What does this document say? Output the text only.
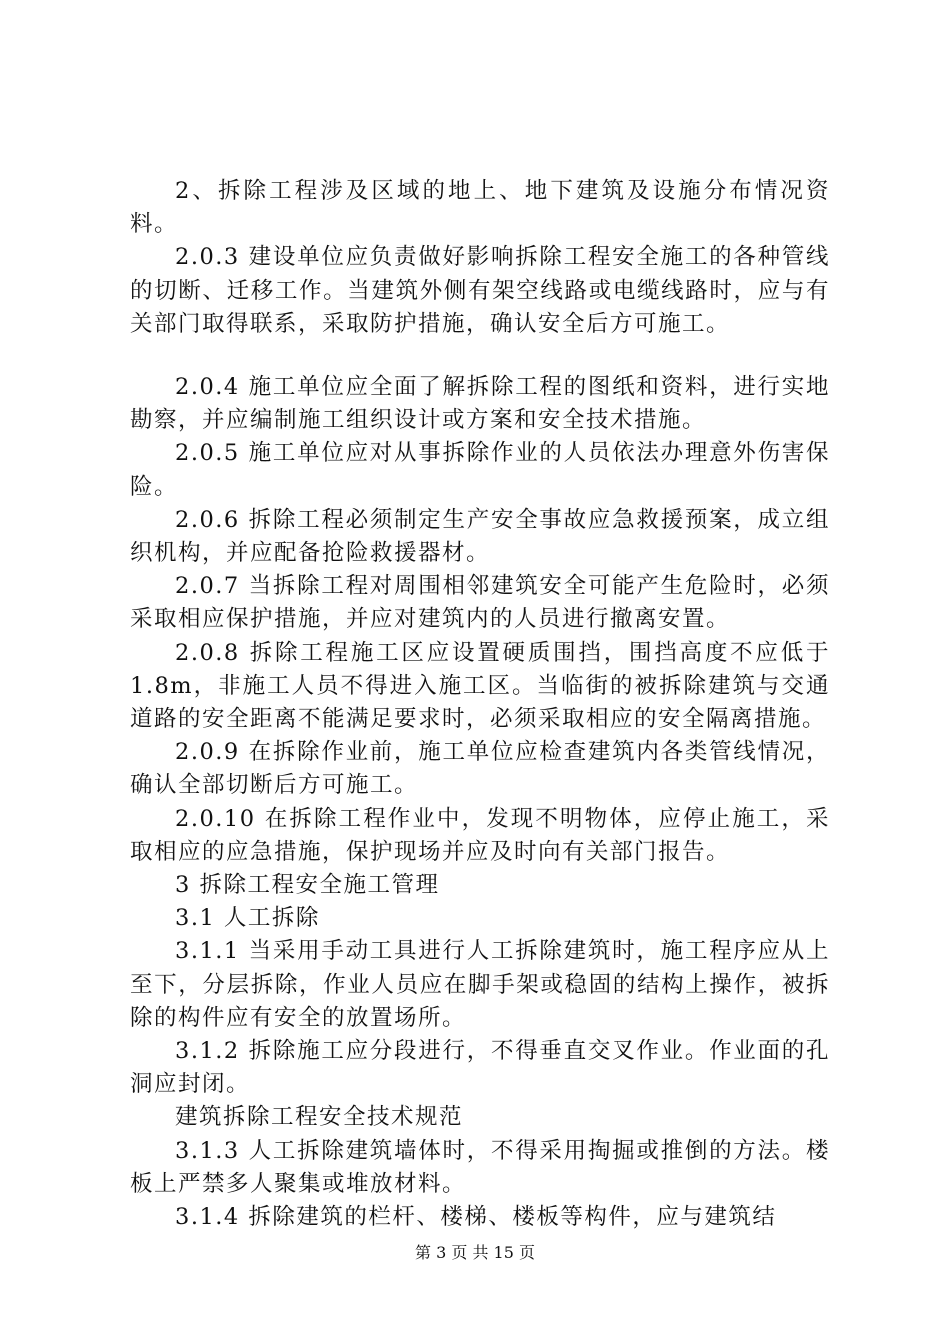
2、拆除工程涉及区域的地上、地下建筑及设施分布情况资料。

2.0.3 建设单位应负责做好影响拆除工程安全施工的各种管线的切断、迁移工作。当建筑外侧有架空线路或电缆线路时，应与有关部门取得联系，采取防护措施，确认安全后方可施工。

2.0.4 施工单位应全面了解拆除工程的图纸和资料，进行实地勘察，并应编制施工组织设计或方案和安全技术措施。

2.0.5 施工单位应对从事拆除作业的人员依法办理意外伤害保险。

2.0.6 拆除工程必须制定生产安全事故应急救援预案，成立组织机构，并应配备抢险救援器材。

2.0.7 当拆除工程对周围相邻建筑安全可能产生危险时，必须采取相应保护措施，并应对建筑内的人员进行撤离安置。

2.0.8 拆除工程施工区应设置硬质围挡，围挡高度不应低于 1.8m，非施工人员不得进入施工区。当临街的被拆除建筑与交通道路的安全距离不能满足要求时，必须采取相应的安全隔离措施。

2.0.9 在拆除作业前，施工单位应检查建筑内各类管线情况，确认全部切断后方可施工。

2.0.10 在拆除工程作业中，发现不明物体，应停止施工，采取相应的应急措施，保护现场并应及时向有关部门报告。

3 拆除工程安全施工管理

3.1 人工拆除

3.1.1 当采用手动工具进行人工拆除建筑时，施工程序应从上至下，分层拆除，作业人员应在脚手架或稳固的结构上操作，被拆除的构件应有安全的放置场所。

3.1.2 拆除施工应分段进行，不得垂直交叉作业。作业面的孔洞应封闭。

建筑拆除工程安全技术规范

3.1.3 人工拆除建筑墙体时，不得采用掏掘或推倒的方法。楼板上严禁多人聚集或堆放材料。

3.1.4 拆除建筑的栏杆、楼梯、楼板等构件，应与建筑结

第 3 页 共 15 页
